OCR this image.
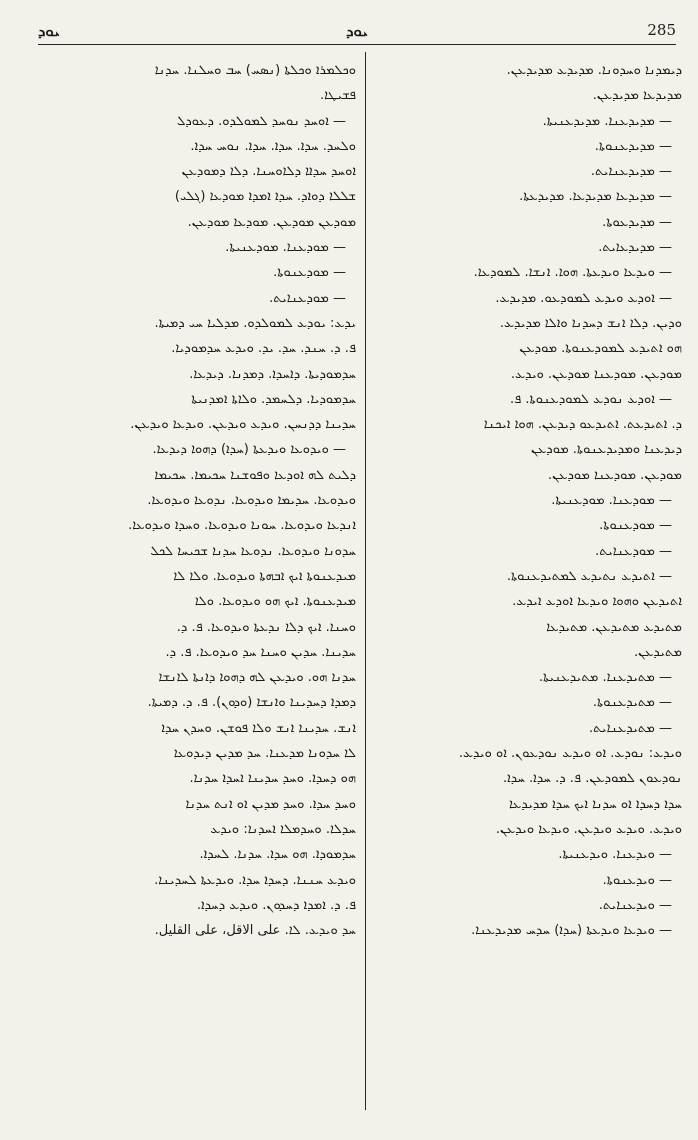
ܝܘܕ	ܝܘܕ	285
ܘܟܠܡܪܐ ܘܟܠܬܐ (ܢܣܚ) ܚܒ ܘܚܠܢܐ. ܚܕܢܐ
ܦܫܝܛܐ.
— ܐܘܚܕ ܢܘܚܕ ܠܡܘܠܕܘ. ܕܥܘܕܠ
ܘܠܚܕ. ܚܕܐ. ܚܕܐ. ܚܕܐ. ܢܘܚ ܚܕܐ.
ܐܘܚܕ ܚܕܐܐ ܕܠܐܘܚܢܐ. ܕܠܐ ܕܡܘܕܥܢ
ܫܠܠܐ ܕܘܐܕ. ܚܕܐ ܐܡܕܐ ܡܘܕܥܐ (ܓܠܝ)
ܡܘܕܥܢ ܡܘܕܥܢ. ܡܘܕܥܐ ܡܘܕܥܢ.
— ܡܘܕܥܢܐ. ܡܘܕܥܢܝܬܐ.
— ܡܘܕܥܢܘܬܐ.
— ܡܘܕܥܢܐܝܬ.
ܝܕܥ: ܝܘܕܥ ܠܡܘܠܕܘ. ܡܕܠܝܐ ܚܝ ܕܡܝܬܐ.
ܦ. ܕ. ܚܢܕ. ܚܕ. ܝܕ. ܘܝܕܥ ܚܕܡܘܕܝܐ.
ܚܕܡܘܕܝܬܐ. ܕܐܚܕܐ. ܕܡܕܢܐ. ܕܝܕܥܐ.
ܚܕܡܘܕܝܐ. ܕܠܚܡܕ. ܘܠܐܬܐ ܐܡܕܢܝܬܐ
ܚܕܝܢܐ ܕܕܢܚܢ. ܘܝܕܥ ܘܝܕܥܢ. ܘܝܕܥܐ ܘܝܕܥܢ.
— ܘܝܕܘܥܐ ܘܝܕܥܬܐ (ܚܕܐ) ܕܗܘܐ ܕܝܕܥܐ.
ܕܠܝܬ ܠܗ ܐܘܕܥܐ ܘܦܘܫܢܐ ܚܟܝܡܐ. ܚܟܝܡܐ
ܘܝܕܘܥܐ. ܚܕܝܡܐ ܘܝܕܘܥܐ. ܢܕܘܥܐ ܘܝܕܘܥܐ.
ܐܢܕܥܐ ܘܝܕܘܥܐ. ܚܘܢܐ ܘܝܕܘܥܐ. ܘܚܕܐ ܘܝܕܘܥܐ.
ܚܕܘܢܐ ܘܝܕܘܥܐ. ܢܕܘܥܐ ܚܕܢܐ ܫܟܝܚܐ ܠܟܠ
ܡܝܕܥܢܘܬܐ ܐܝܟ ܐܒܗܬܐ ܘܝܕܘܥܐ. ܘܠܐ ܠܐ
ܡܝܕܥܢܘܬܐ. ܐܝܟ ܗܘ ܘܝܕܘܥܐ. ܘܠܐ
ܘܚܢܐ. ܐܝܟ ܕܠܐ ܢܕܥܬܐ ܘܝܕܘܥܐ. ܦ. ܕ.
ܚܕܝܢܐ. ܚܕܝܢ ܘܚܢܐ ܚܕ ܘܝܕܘܥܐ. ܦ. ܕ.
ܚܕܢܐ ܗܘ. ܘܝܕܥܢ ܠܗ ܕܗܘܐ ܕܐܢܬܐ ܠܐܢܫܐ
ܕܡܕܐ ܕܚܕܝܢܐ ܘܐܢܫܐ (ܘܕܘܢ). ܦ. ܕ. ܕܡܝܬܐ.
ܐܢܫ. ܚܕܝܢܐ ܐܢܫ ܘܠܐ ܦܘܫܢ. ܘܚܕܢ ܚܕܐ
ܠܐ ܚܕܘܢܐ ܡܕܥܢܐ. ܚܕ ܡܕܝܢ ܕܝܕܘܥܐ
ܗܘ ܕܚܕܐ. ܘܚܕ ܚܕܝܢܐ ܐܚܕܐ ܚܕܢܐ.
ܘܚܕ ܚܕܐ. ܘܚܕ ܡܕܝܢ ܐܘ ܐܢܬ ܚܕܢܐ
ܚܕܠܐ. ܘܚܕܡܠܐ ܐܚܕܢܐ: ܘܝܕܥ
ܚܕܡܘܕܐ. ܗܘ ܚܕܐ. ܚܕܢܐ. ܠܚܕܐ.
ܘܝܕܥ ܚܢܢܐ. ܕܚܕܐ ܚܕܐ. ܘܝܕܥܬܐ ܠܚܕܝܢܐ.
ܦ. ܕ. ܐܡܕܐ ܕܚܕܘܢ. ܘܝܕܥ ܕܚܕܐ.
ܚܕ ܘܝܕܥ. ܠܐ. على الاقل، على القليل.
ܕܝܡܕܢܐ ܘܚܕܘܢܐ. ܡܕܝܕܥ ܡܕܝܕܥܢ.
ܡܕܝܕܥܐ ܡܕܝܕܥܢ.
— ܡܕܝܕܥܢܐ. ܡܕܝܕܥܢܝܬܐ.
— ܡܕܝܕܥܢܘܬܐ.
— ܡܕܝܕܥܢܐܝܬ.
— ܡܕܝܕܥܐ ܡܕܝܕܥܐ. ܡܕܝܕܥܬܐ.
— ܡܕܝܕܥܘܬܐ.
— ܡܕܝܕܥܐܝܬ.
— ܘܝܕܥܐ ܘܝܕܥܬܐ. ܗܘܐ. ܐܢܫܐ. ܠܡܘܕܥܐ.
— ܐܘܕܥ ܘܝܕܥ ܠܡܘܕܥܘ. ܡܕܝܕܥ.
ܘܕܝܢ. ܕܠܐ ܐܢܫ ܕܚܕܢܐ ܘܐܠܐ ܡܕܝܕܥ.
ܗܘ ܐܬܝܕܥ ܠܡܘܕܥܢܘܬܐ. ܡܘܕܥܢ
ܡܘܕܥܢ. ܡܘܕܥܢܐ ܡܘܕܥܢ. ܘܝܕܥ.
— ܐܘܕܥ ܢܘܕܥ ܠܡܘܕܥܢܘܬܐ. ܦ.
ܕ. ܐܬܝܕܥܬ. ܐܬܝܕܥܘ ܕܝܕܥܢ. ܗܘܐ ܐܝܟܢܐ
ܕܝܕܥܢܐ ܘܡܕܝܕܥܢܘܬܐ. ܡܘܕܥܢ
ܡܘܕܥܢ. ܡܘܕܥܢܐ ܡܘܕܥܢ.
— ܡܘܕܥܢܐ. ܡܘܕܥܢܝܬܐ.
— ܡܘܕܥܢܘܬܐ.
— ܡܘܕܥܢܐܝܬ.
— ܐܬܝܕܥ ܢܬܝܕܥ ܠܡܬܝܕܥܢܘܬܐ.
ܐܬܝܕܥܢ ܘܗܘܐ ܘܝܕܥܐ ܐܘܕܥ ܐܝܕܥ.
ܡܬܝܕܥ ܡܬܝܕܥܢ. ܡܬܝܕܥܐ
ܡܬܝܕܥܢ.
— ܡܬܝܕܥܢܐ. ܡܬܝܕܥܢܝܬܐ.
— ܡܬܝܕܥܢܘܬܐ.
— ܡܬܝܕܥܢܐܝܬ.
ܘܝܕܥ: ܢܘܕܥ. ܐܘ ܘܝܕܥ ܢܘܕܥܘܢ. ܐܘ ܘܝܕܥ.
ܢܘܕܥܘܢ ܠܡܘܕܥܢ. ܦ. ܕ. ܚܕܐ. ܚܕܐ.
ܚܕܐ ܕܚܕܐ ܐܘ ܚܕܢܐ ܐܝܟ ܚܕܐ ܡܕܝܕܥܐ
ܘܝܕܥ. ܘܝܕܥ ܘܝܕܥܢ. ܘܝܕܥܐ ܘܝܕܥܢ.
— ܘܝܕܥܢܐ. ܘܝܕܥܢܝܬܐ.
— ܘܝܕܥܢܘܬܐ.
— ܘܝܕܥܢܐܝܬ.
— ܘܝܕܥܐ ܘܝܕܥܬܐ (ܚܕܐ) ܚܕܚ ܡܕܝܕܥܢܐ.
